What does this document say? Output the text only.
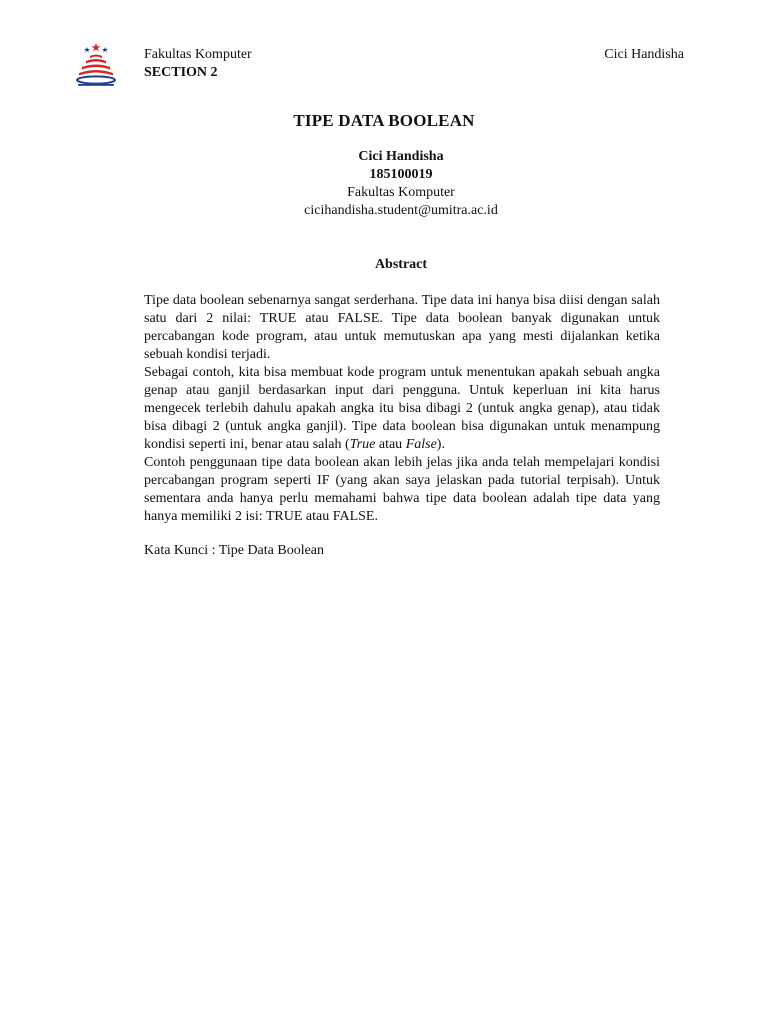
Fakultas Komputer
SECTION 2
Cici Handisha
TIPE DATA BOOLEAN
Cici Handisha
185100019
Fakultas Komputer
cicihandisha.student@umitra.ac.id
Abstract

Tipe data boolean sebenarnya sangat serderhana. Tipe data ini hanya bisa diisi dengan salah satu dari 2 nilai: TRUE atau FALSE. Tipe data boolean banyak digunakan untuk percabangan kode program, atau untuk memutuskan apa yang mesti dijalankan ketika sebuah kondisi terjadi.

Sebagai contoh, kita bisa membuat kode program untuk menentukan apakah sebuah angka genap atau ganjil berdasarkan input dari pengguna. Untuk keperluan ini kita harus mengecek terlebih dahulu apakah angka itu bisa dibagi 2 (untuk angka genap), atau tidak bisa dibagi 2 (untuk angka ganjil). Tipe data boolean bisa digunakan untuk menampung kondisi seperti ini, benar atau salah (True atau False).

Contoh penggunaan tipe data boolean akan lebih jelas jika anda telah mempelajari kondisi percabangan program seperti IF (yang akan saya jelaskan pada tutorial terpisah). Untuk sementara anda hanya perlu memahami bahwa tipe data boolean adalah tipe data yang hanya memiliki 2 isi: TRUE atau FALSE.

Kata Kunci : Tipe Data Boolean
